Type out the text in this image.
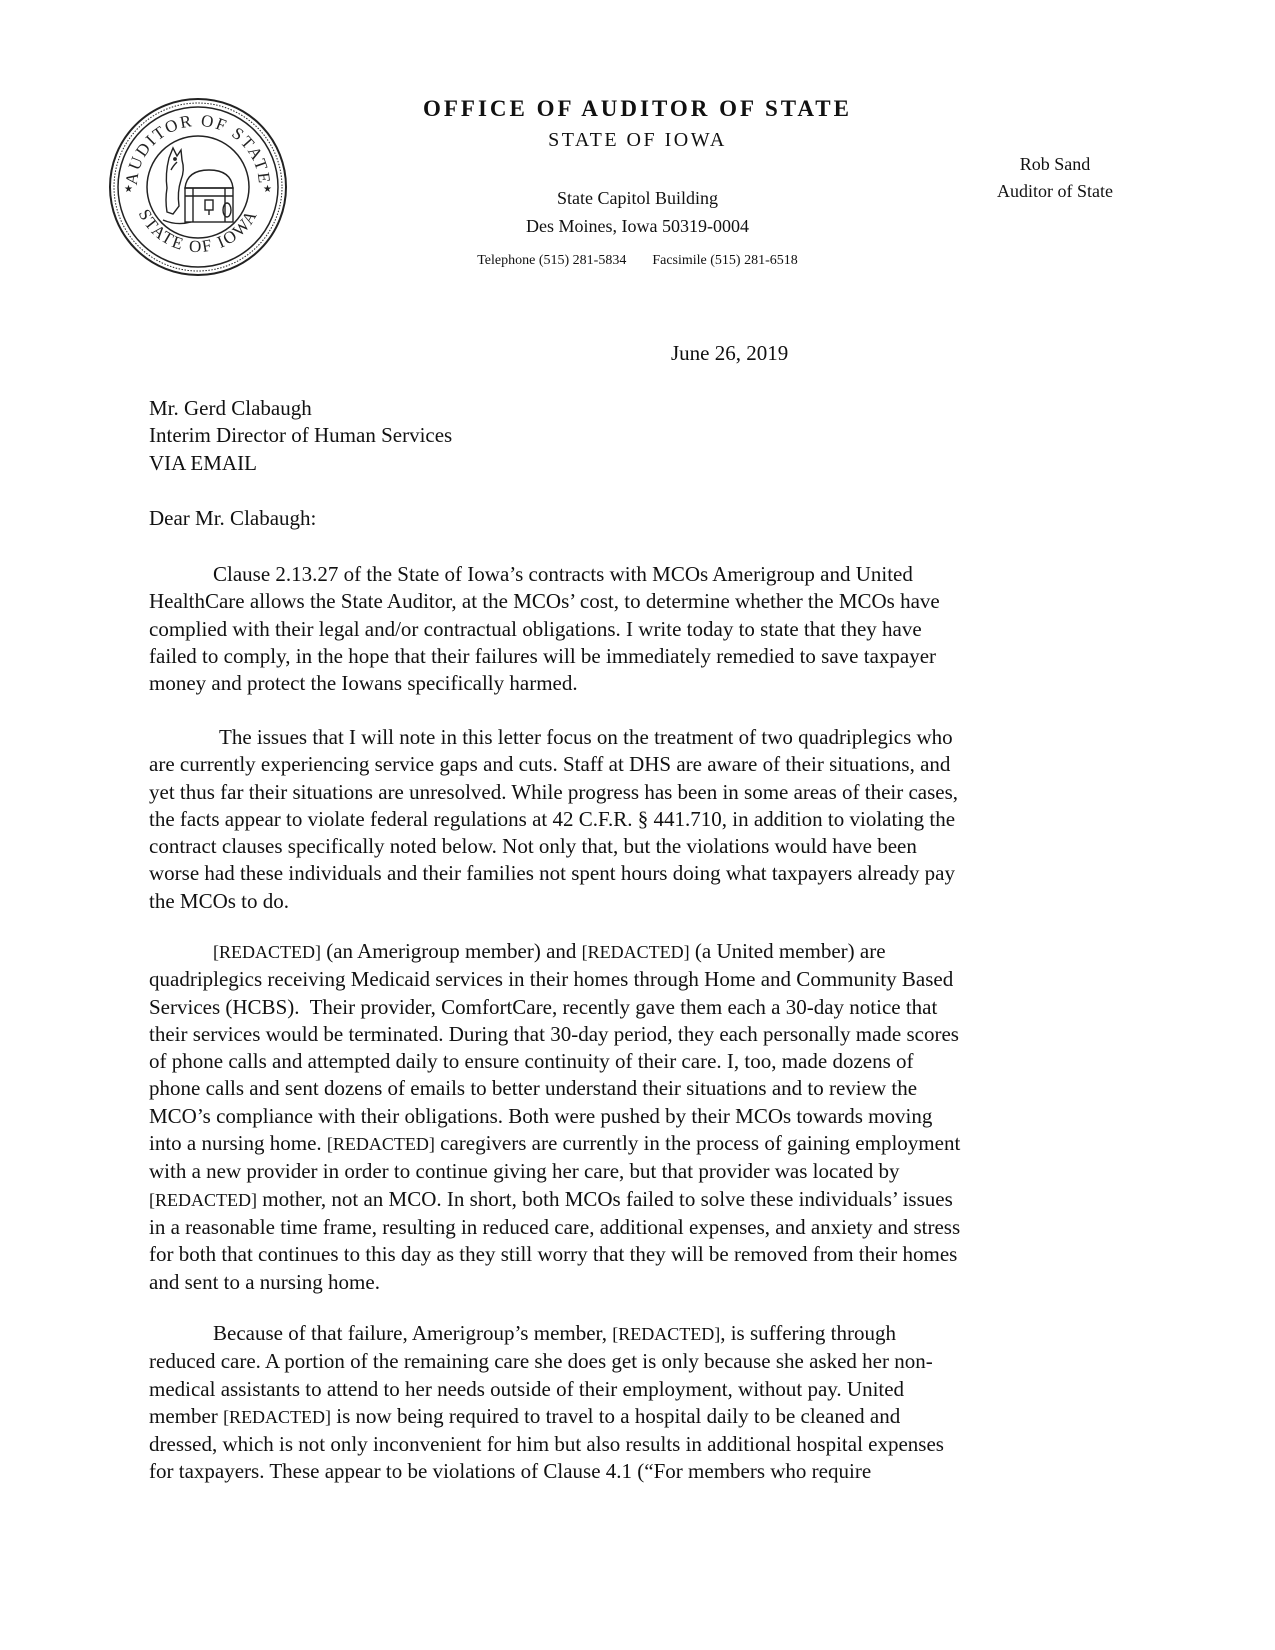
AUDITOR OF STATE
STATE OF IOWA
★	★
OFFICE OF AUDITOR OF STATE
STATE OF IOWA
State Capitol Building
Des Moines, Iowa 50319-0004
Telephone (515) 281-5834 Facsimile (515) 281-6518
Rob Sand
Auditor of State
June 26, 2019
Mr. Gerd Clabaugh
Interim Director of Human Services
VIA EMAIL
Dear Mr. Clabaugh:
Clause 2.13.27 of the State of Iowa’s contracts with MCOs Amerigroup and United
HealthCare allows the State Auditor, at the MCOs’ cost, to determine whether the MCOs have
complied with their legal and/or contractual obligations. I write today to state that they have
failed to comply, in the hope that their failures will be immediately remedied to save taxpayer
money and protect the Iowans specifically harmed.
The issues that I will note in this letter focus on the treatment of two quadriplegics who
are currently experiencing service gaps and cuts. Staff at DHS are aware of their situations, and
yet thus far their situations are unresolved. While progress has been in some areas of their cases,
the facts appear to violate federal regulations at 42 C.F.R. § 441.710, in addition to violating the
contract clauses specifically noted below. Not only that, but the violations would have been
worse had these individuals and their families not spent hours doing what taxpayers already pay
the MCOs to do.
[REDACTED] (an Amerigroup member) and [REDACTED] (a United member) are
quadriplegics receiving Medicaid services in their homes through Home and Community Based
Services (HCBS).  Their provider, ComfortCare, recently gave them each a 30-day notice that
their services would be terminated. During that 30-day period, they each personally made scores
of phone calls and attempted daily to ensure continuity of their care. I, too, made dozens of
phone calls and sent dozens of emails to better understand their situations and to review the
MCO’s compliance with their obligations. Both were pushed by their MCOs towards moving
into a nursing home. [REDACTED] caregivers are currently in the process of gaining employment
with a new provider in order to continue giving her care, but that provider was located by
[REDACTED] mother, not an MCO. In short, both MCOs failed to solve these individuals’ issues
in a reasonable time frame, resulting in reduced care, additional expenses, and anxiety and stress
for both that continues to this day as they still worry that they will be removed from their homes
and sent to a nursing home.
Because of that failure, Amerigroup’s member, [REDACTED], is suffering through
reduced care. A portion of the remaining care she does get is only because she asked her non-
medical assistants to attend to her needs outside of their employment, without pay. United
member [REDACTED] is now being required to travel to a hospital daily to be cleaned and
dressed, which is not only inconvenient for him but also results in additional hospital expenses
for taxpayers. These appear to be violations of Clause 4.1 (“For members who require
